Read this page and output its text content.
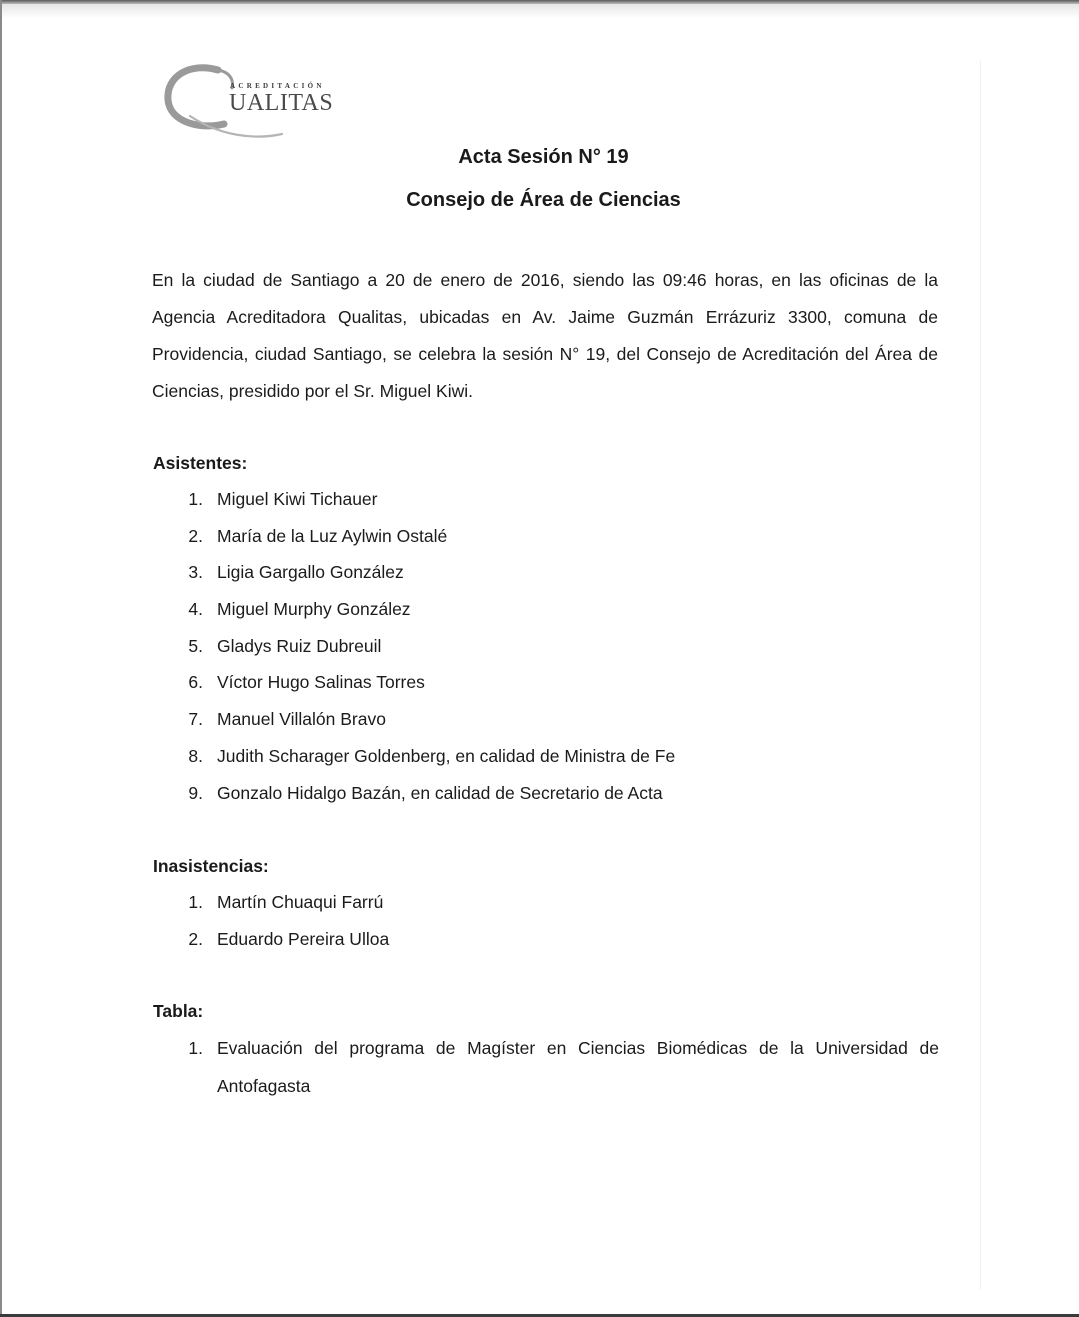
ACREDITACIÓN
UALITAS
Acta Sesión N° 19
Consejo de Área de Ciencias
En la ciudad de Santiago a 20 de enero de 2016, siendo las 09:46 horas, en las oficinas de la Agencia Acreditadora Qualitas, ubicadas en Av. Jaime Guzmán Errázuriz 3300, comuna de Providencia, ciudad Santiago, se celebra la sesión N° 19, del Consejo de Acreditación del Área de Ciencias, presidido por el Sr. Miguel Kiwi.
Asistentes:
1. Miguel Kiwi Tichauer
2. María de la Luz Aylwin Ostalé
3. Ligia Gargallo González
4. Miguel Murphy González
5. Gladys Ruiz Dubreuil
6. Víctor Hugo Salinas Torres
7. Manuel Villalón Bravo
8. Judith Scharager Goldenberg, en calidad de Ministra de Fe
9. Gonzalo Hidalgo Bazán, en calidad de Secretario de Acta
Inasistencias:
1. Martín Chuaqui Farrú
2. Eduardo Pereira Ulloa
Tabla:
1. Evaluación del programa de Magíster en Ciencias Biomédicas de la Universidad de Antofagasta
